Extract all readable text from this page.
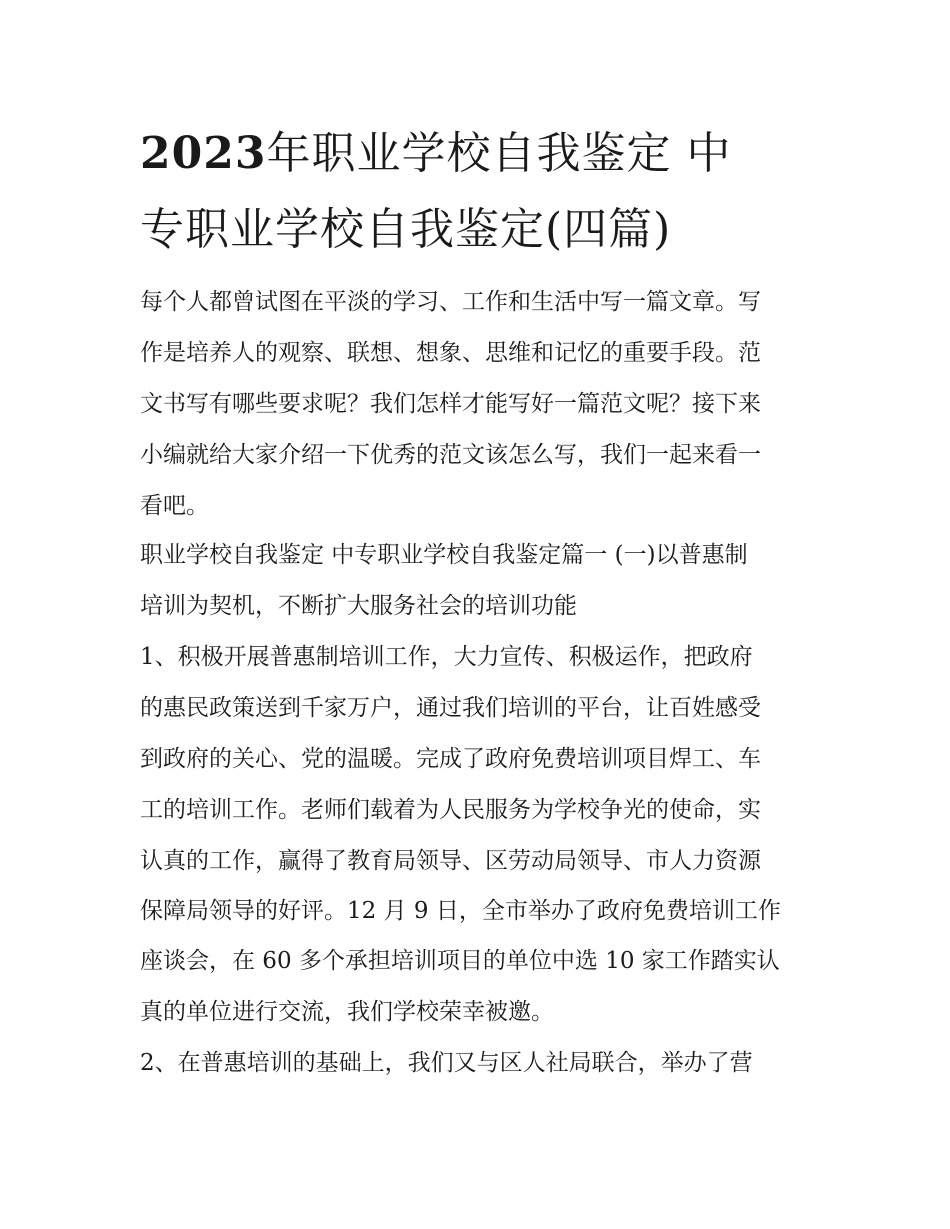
2023年职业学校自我鉴定 中
专职业学校自我鉴定(四篇)
每个人都曾试图在平淡的学习、工作和生活中写一篇文章。写
作是培养人的观察、联想、想象、思维和记忆的重要手段。范
文书写有哪些要求呢？我们怎样才能写好一篇范文呢？接下来
小编就给大家介绍一下优秀的范文该怎么写，我们一起来看一
看吧。
职业学校自我鉴定 中专职业学校自我鉴定篇一 (一)以普惠制
培训为契机，不断扩大服务社会的培训功能
1、积极开展普惠制培训工作，大力宣传、积极运作，把政府
的惠民政策送到千家万户，通过我们培训的平台，让百姓感受
到政府的关心、党的温暖。完成了政府免费培训项目焊工、车
工的培训工作。老师们载着为人民服务为学校争光的使命，实
认真的工作，赢得了教育局领导、区劳动局领导、市人力资源
保障局领导的好评。12 月 9 日，全市举办了政府免费培训工作
座谈会，在 60 多个承担培训项目的单位中选 10 家工作踏实认
真的单位进行交流，我们学校荣幸被邀。
2、在普惠培训的基础上，我们又与区人社局联合，举办了营
